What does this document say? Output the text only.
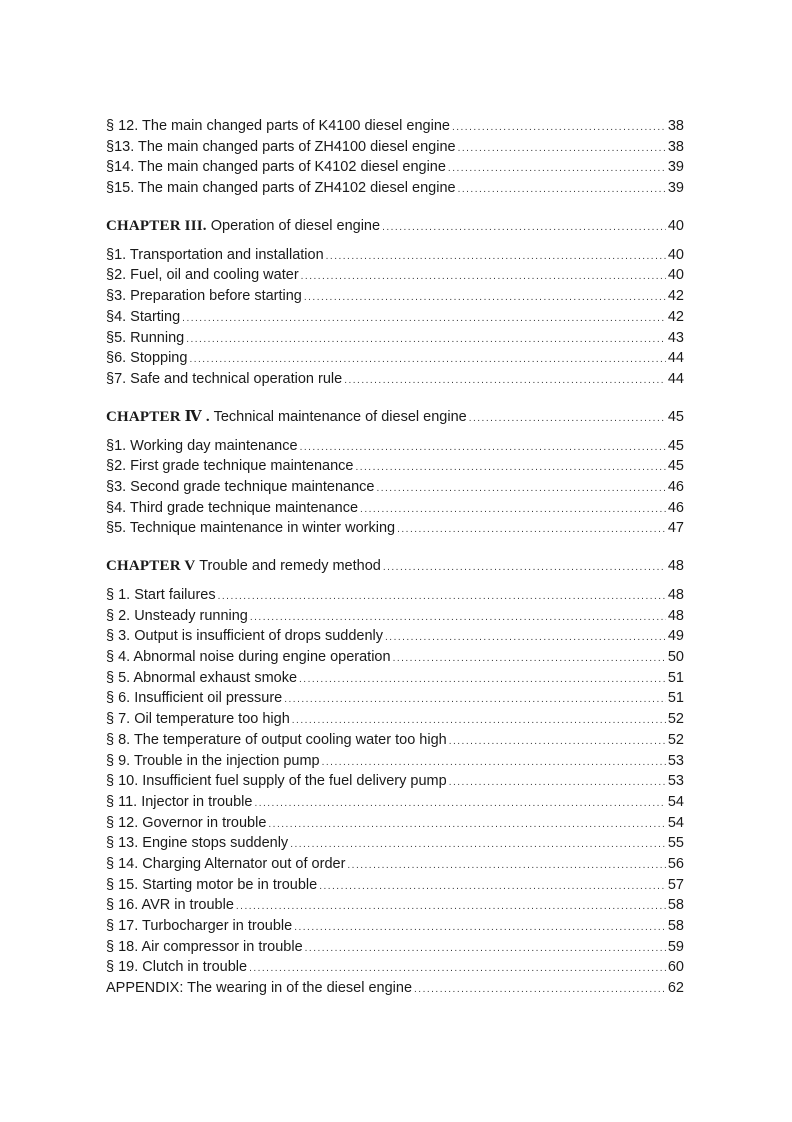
§ 12. The main changed parts of K4100 diesel engine .....	38
§13. The main changed parts of ZH4100 diesel engine .....	38
§14. The main changed parts of K4102 diesel engine .....	39
§15. The main changed parts of ZH4102 diesel engine .....	39
CHAPTER III. Operation of diesel engine .....	40
§1. Transportation and installation .....	40
§2. Fuel, oil and cooling water .....	40
§3. Preparation before starting .....	42
§4. Starting .....	42
§5. Running .....	43
§6. Stopping .....	44
§7. Safe and technical operation rule .....	44
CHAPTER Ⅳ . Technical maintenance of diesel engine .....	45
§1. Working day maintenance .....	45
§2. First grade technique maintenance .....	45
§3. Second grade technique maintenance .....	46
§4. Third grade technique maintenance .....	46
§5. Technique maintenance in winter working .....	47
CHAPTER V Trouble and remedy method .....	48
§ 1. Start failures .....	48
§ 2. Unsteady running .....	48
§ 3. Output is insufficient of drops suddenly .....	49
§ 4. Abnormal noise during engine operation .....	50
§ 5. Abnormal exhaust smoke .....	51
§ 6. Insufficient oil pressure .....	51
§ 7. Oil temperature too high .....	52
§ 8. The temperature of output cooling water too high .....	52
§ 9. Trouble in the injection pump .....	53
§ 10. Insufficient fuel supply of the fuel delivery pump .....	53
§ 11. Injector in trouble .....	54
§ 12. Governor in trouble .....	54
§ 13. Engine stops suddenly .....	55
§ 14. Charging Alternator out of order .....	56
§ 15. Starting motor be in trouble .....	57
§ 16. AVR in trouble .....	58
§ 17. Turbocharger in trouble .....	58
§ 18. Air compressor in trouble .....	59
§ 19. Clutch in trouble .....	60
APPENDIX: The wearing in of the diesel engine .....	62
